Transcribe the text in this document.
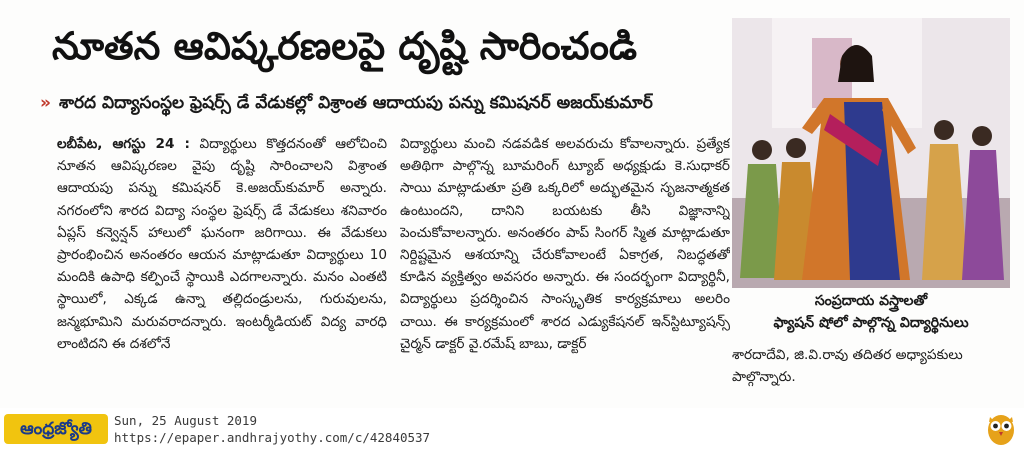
నూతన ఆవిష్కరణలపై దృష్టి సారించండి
» శారద విద్యాసంస్థల ఫ్రెషర్స్ డే వేడుకల్లో విశ్రాంత ఆదాయపు పన్ను కమిషనర్ అజయ్‌కుమార్
లబీపేట, ఆగస్టు 24 : విద్యార్థులు కొత్తదనంతో ఆలోచించి నూతన ఆవిష్కరణల వైపు దృష్టి సారించాలని విశ్రాంత ఆదాయపు పన్ను కమిషనర్ కె.అజయ్‌కుమార్ అన్నారు. నగరంలోని శారద విద్యా సంస్థల ఫ్రెషర్స్ డే వేడుకలు శనివారం ఏప్లస్ కన్వెన్షన్ హాలులో ఘనంగా జరిగాయి. ఈ వేడుకలు ప్రారంభించిన అనంతరం ఆయన మాట్లాడుతూ విద్యార్థులు 10 మందికి ఉపాధి కల్పించే స్థాయికి ఎదగాలన్నారు. మనం ఎంతటి స్థాయిలో, ఎక్కడ ఉన్నా తల్లిదండ్రులను, గురువులను, జన్మభూమిని మరువరాదన్నారు. ఇంటర్మీడియట్ విద్య వారధి లాంటిదని ఈ దశలోనే
విద్యార్థులు మంచి నడవడిక అలవరుచు కోవాలన్నారు. ప్రత్యేక అతిథిగా పాల్గొన్న బూమరింగ్ ట్యూబ్ అధ్యక్షుడు కె.సుధాకర్ సాయి మాట్లాడుతూ ప్రతి ఒక్కరిలో అద్భుతమైన సృజనాత్మకత ఉంటుందని, దానిని బయటకు తీసి విజ్ఞానాన్ని పెంచుకోవాలన్నారు. అనంతరం పాప్ సింగర్ స్మిత మాట్లాడుతూ నిర్దిష్టమైన ఆశయాన్ని చేరుకోవాలంటే ఏకాగ్రత, నిబద్ధతతో కూడిన వ్యక్తిత్వం అవసరం అన్నారు. ఈ సందర్భంగా విద్యార్థినీ, విద్యార్థులు ప్రదర్శించిన సాంస్కృతిక కార్యక్రమాలు అలరిం చాయి. ఈ కార్యక్రమంలో శారద ఎడ్యుకేషనల్ ఇన్‌స్టిట్యూషన్స్ చైర్మన్ డాక్టర్ వై.రమేష్ బాబు, డాక్టర్
సంప్రదాయ వస్త్రాలతో
ఫ్యాషన్ షోలో పాల్గొన్న విద్యార్థినులు
శారదాదేవి, జి.వి.రావు తదితర అధ్యాపకులు పాల్గొన్నారు.
ఆంధ్రజ్యోతి	Sun, 25 August 2019
https://epaper.andhrajyothy.com/c/42840537
